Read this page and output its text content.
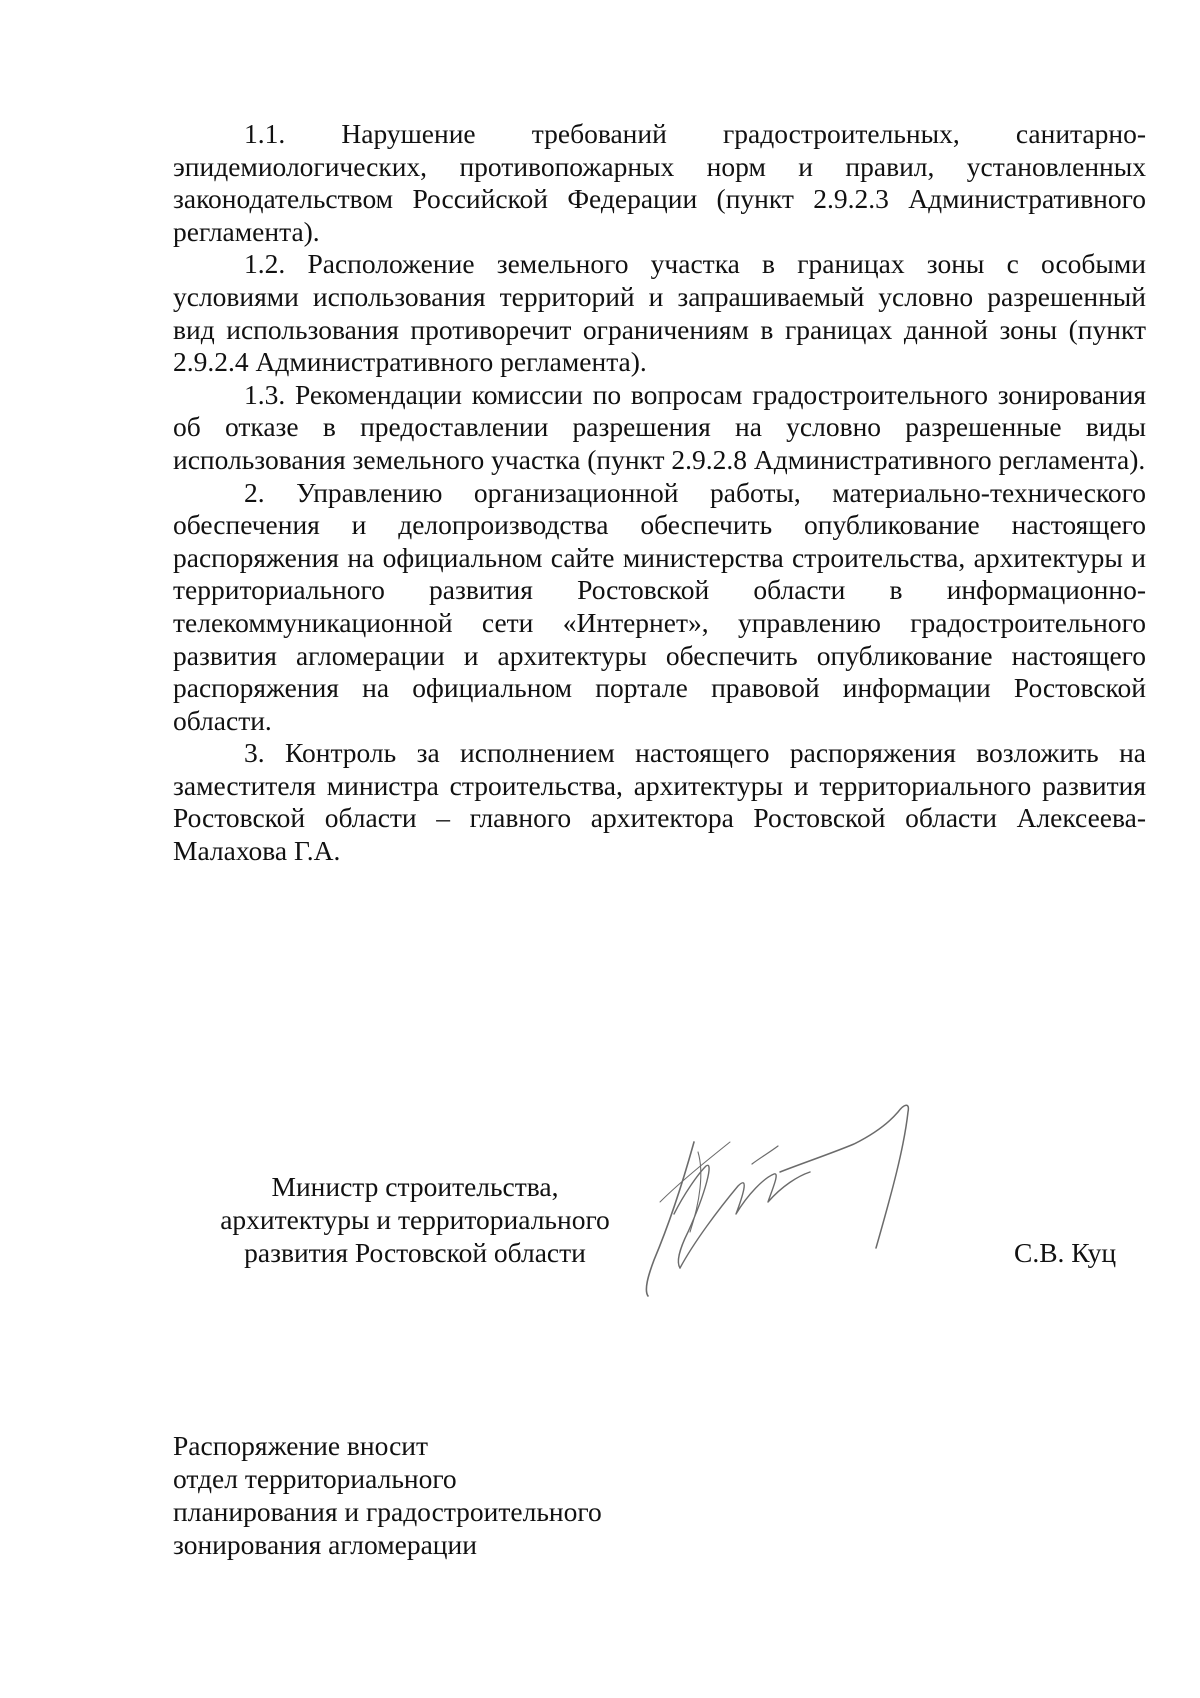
1.1. Нарушение требований градостроительных, санитарно-эпидемиологических, противопожарных норм и правил, установленных законодательством Российской Федерации (пункт 2.9.2.3 Административного регламента).

1.2. Расположение земельного участка в границах зоны с особыми условиями использования территорий и запрашиваемый условно разрешенный вид использования противоречит ограничениям в границах данной зоны (пункт 2.9.2.4 Административного регламента).

1.3. Рекомендации комиссии по вопросам градостроительного зонирования об отказе в предоставлении разрешения на условно разрешенные виды использования земельного участка (пункт 2.9.2.8 Административного регламента).

2. Управлению организационной работы, материально-технического обеспечения и делопроизводства обеспечить опубликование настоящего распоряжения на официальном сайте министерства строительства, архитектуры и территориального развития Ростовской области в информационно-телекоммуникационной сети «Интернет», управлению градостроительного развития агломерации и архитектуры обеспечить опубликование настоящего распоряжения на официальном портале правовой информации Ростовской области.

3. Контроль за исполнением настоящего распоряжения возложить на заместителя министра строительства, архитектуры и территориального развития Ростовской области – главного архитектора Ростовской области Алексеева-Малахова Г.А.

Министр строительства,
архитектуры и территориального
развития Ростовской области	С.В. Куц
Распоряжение вносит
отдел территориального
планирования и градостроительного
зонирования агломерации
